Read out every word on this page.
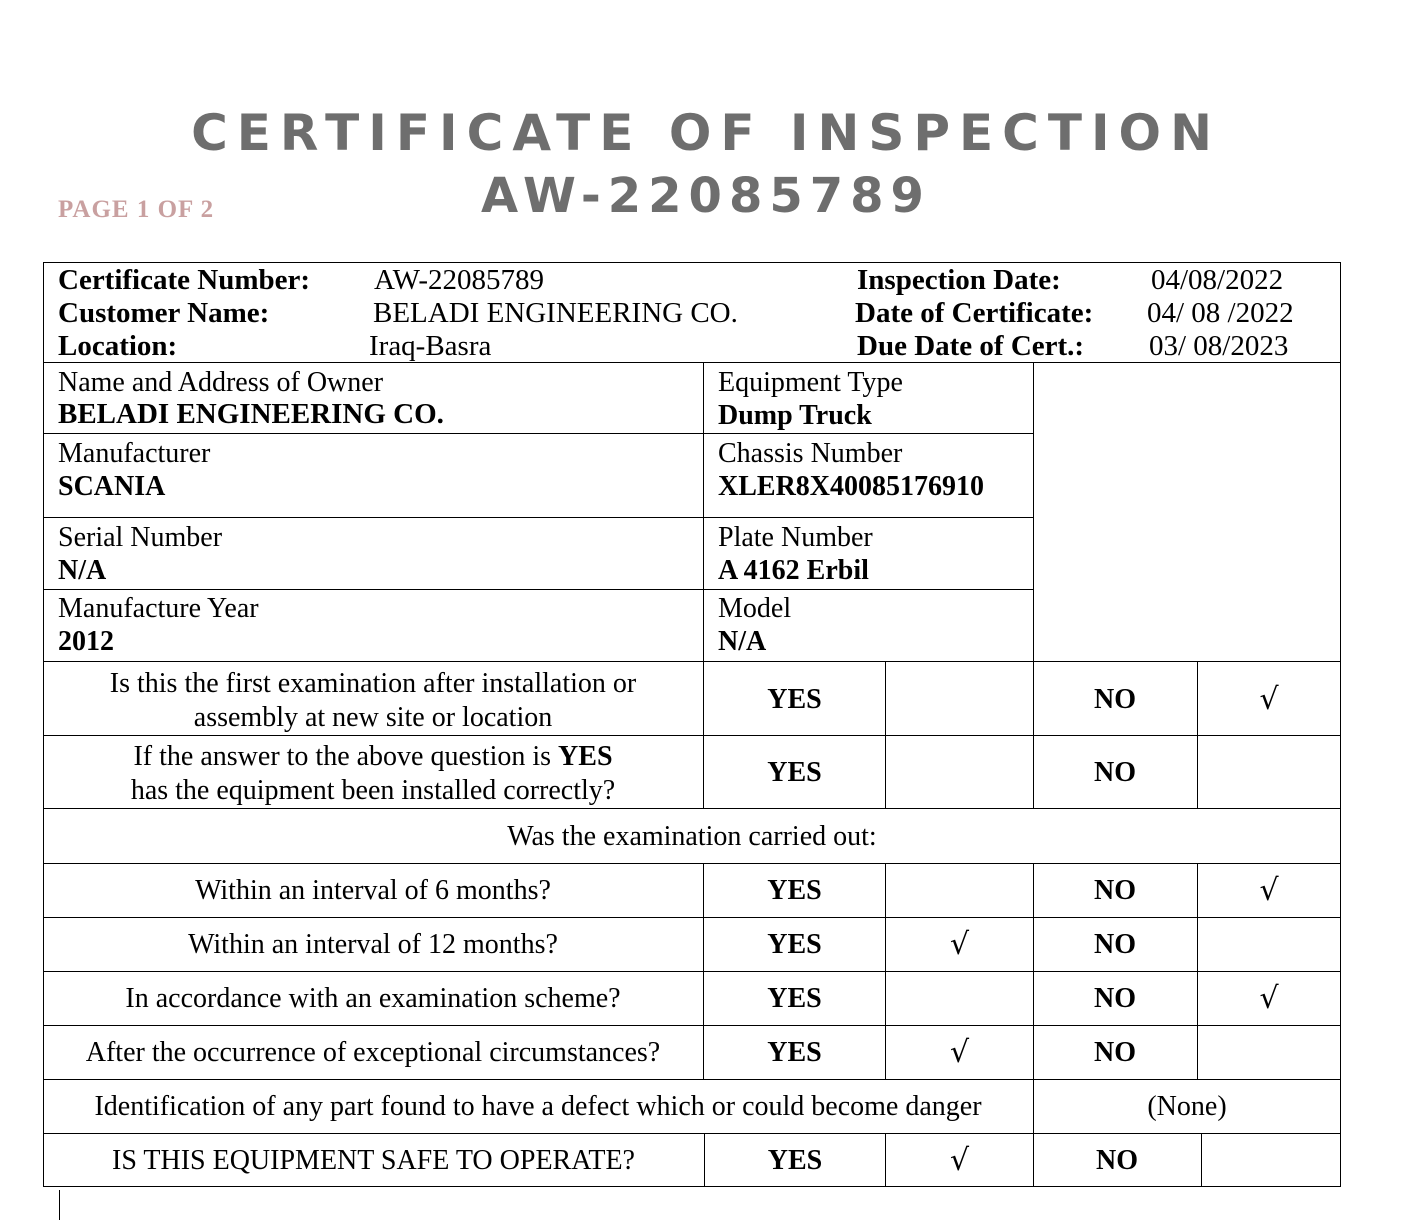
CERTIFICATE OF INSPECTION
AW-22085789
PAGE 1 OF 2
Certificate Number: AW-22085789
Customer Name:	BELADI ENGINEERING CO.
Location:	Iraq-Basra
Inspection Date:	04/08/2022
Date of Certificate: 04/ 08 /2022
Due Date of Cert.: 03/ 08/2023
Name and Address of Owner
BELADI ENGINEERING CO.
Equipment Type
Dump Truck
Manufacturer
SCANIA
Chassis Number
XLER8X40085176910
Serial Number
N/A
Plate Number
A 4162 Erbil
Manufacture Year
2012
Model
N/A
Is this the first examination after installation or
assembly at new site or location
YES	NO	√
If the answer to the above question is YES
has the equipment been installed correctly?
YES	NO
Was the examination carried out:
Within an interval of 6 months?	YES	NO	√
Within an interval of 12 months?	YES	√	NO
In accordance with an examination scheme?	YES	NO	√
After the occurrence of exceptional circumstances?	YES	√	NO
Identification of any part found to have a defect which or could become danger	(None)
IS THIS EQUIPMENT SAFE TO OPERATE?	YES	√	NO
